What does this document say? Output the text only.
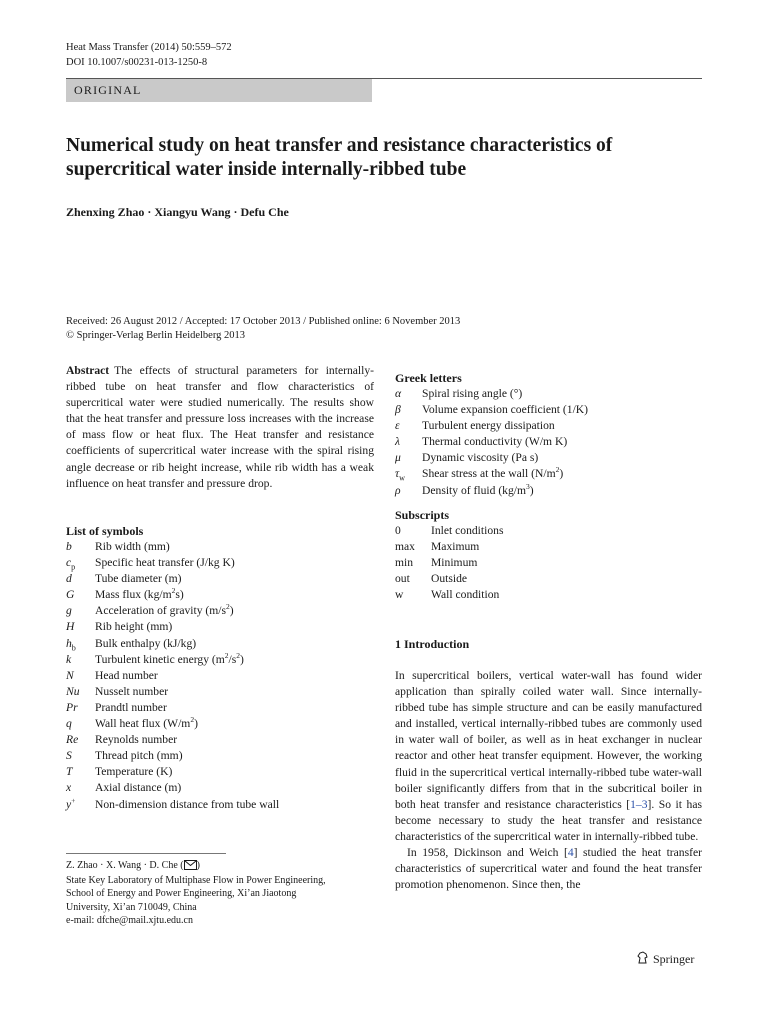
Heat Mass Transfer (2014) 50:559–572
DOI 10.1007/s00231-013-1250-8
ORIGINAL
Numerical study on heat transfer and resistance characteristics of supercritical water inside internally-ribbed tube
Zhenxing Zhao · Xiangyu Wang · Defu Che
Received: 26 August 2012 / Accepted: 17 October 2013 / Published online: 6 November 2013
© Springer-Verlag Berlin Heidelberg 2013
Abstract The effects of structural parameters for internally-ribbed tube on heat transfer and flow characteristics of supercritical water were studied numerically. The results show that the heat transfer and pressure loss increases with the increase of mass flow or heat flux. The Heat transfer and resistance coefficients of supercritical water increase with the spiral rising angle decrease or rib height increase, while rib width has a weak influence on heat transfer and pressure drop.
List of symbols
b	Rib width (mm)
$c_p$	Specific heat transfer (J/kg K)
d	Tube diameter (m)
G	Mass flux $(kg/m^2s)$
g	Acceleration of gravity $(m/s^2)$
H	Rib height (mm)
$h_b$	Bulk enthalpy (kJ/kg)
k	Turbulent kinetic energy $(m^2/s^2)$
N	Head number
Nu	Nusselt number
Pr	Prandtl number
q	Wall heat flux $(W/m^2)$
Re	Reynolds number
S	Thread pitch (mm)
T	Temperature (K)
x	Axial distance (m)
y+	Non-dimension distance from tube wall
Greek letters
α	Spiral rising angle (°)
β	Volume expansion coefficient (1/K)
ε	Turbulent energy dissipation
λ	Thermal conductivity (W/m K)
μ	Dynamic viscosity (Pa s)
$\tau_w$	Shear stress at the wall $(N/m^2)$
ρ	Density of fluid $(kg/m^3)$
Subscripts
0	Inlet conditions
max	Maximum
min	Minimum
out	Outside
w	Wall condition
Z. Zhao · X. Wang · D. Che ( )
State Key Laboratory of Multiphase Flow in Power Engineering,
School of Energy and Power Engineering, Xi’an Jiaotong
University, Xi’an 710049, China
e-mail: dfche@mail.xjtu.edu.cn
1 Introduction

In supercritical boilers, vertical water-wall has found wider application than spirally coiled water wall. Since internally-ribbed tube has simple structure and can be easily manufactured and installed, vertical internally-ribbed tubes are commonly used in water wall of boiler, as well as in heat exchanger in nuclear reactor and other heat transfer equipment. However, the working fluid in the supercritical vertical internally-ribbed tube water-wall boiler significantly differs from that in the subcritical boiler in both heat transfer and resistance characteristics [1–3]. So it has become necessary to study the heat transfer and resistance characteristics of the supercritical water in internally-ribbed tube.

In 1958, Dickinson and Weich [4] studied the heat transfer characteristics of supercritical water and found the heat transfer promotion phenomenon. Since then, the

Springer
